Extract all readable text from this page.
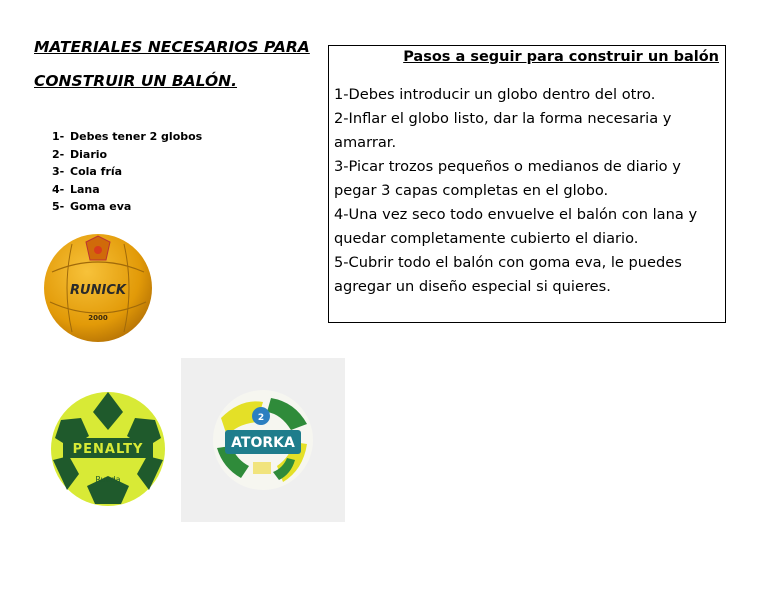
MATERIALES NECESARIOS PARA
CONSTRUIR UN BALÓN.
1- Debes tener 2 globos
2- Diario
3- Cola fría
4- Lana
5- Goma eva
Pasos a seguir para construir un balón

1-Debes introducir un globo dentro del otro.

2-Inflar el globo listo, dar la forma necesaria y amarrar.

3-Picar trozos pequeños o medianos de diario y pegar 3 capas completas en el globo.

4-Una vez seco todo envuelve el balón con lana y quedar completamente cubierto el diario.

5-Cubrir todo el balón con goma eva, le puedes agregar un diseño especial si quieres.

RUNICK
2000
PENALTY
Rueda
2
ATORKA
